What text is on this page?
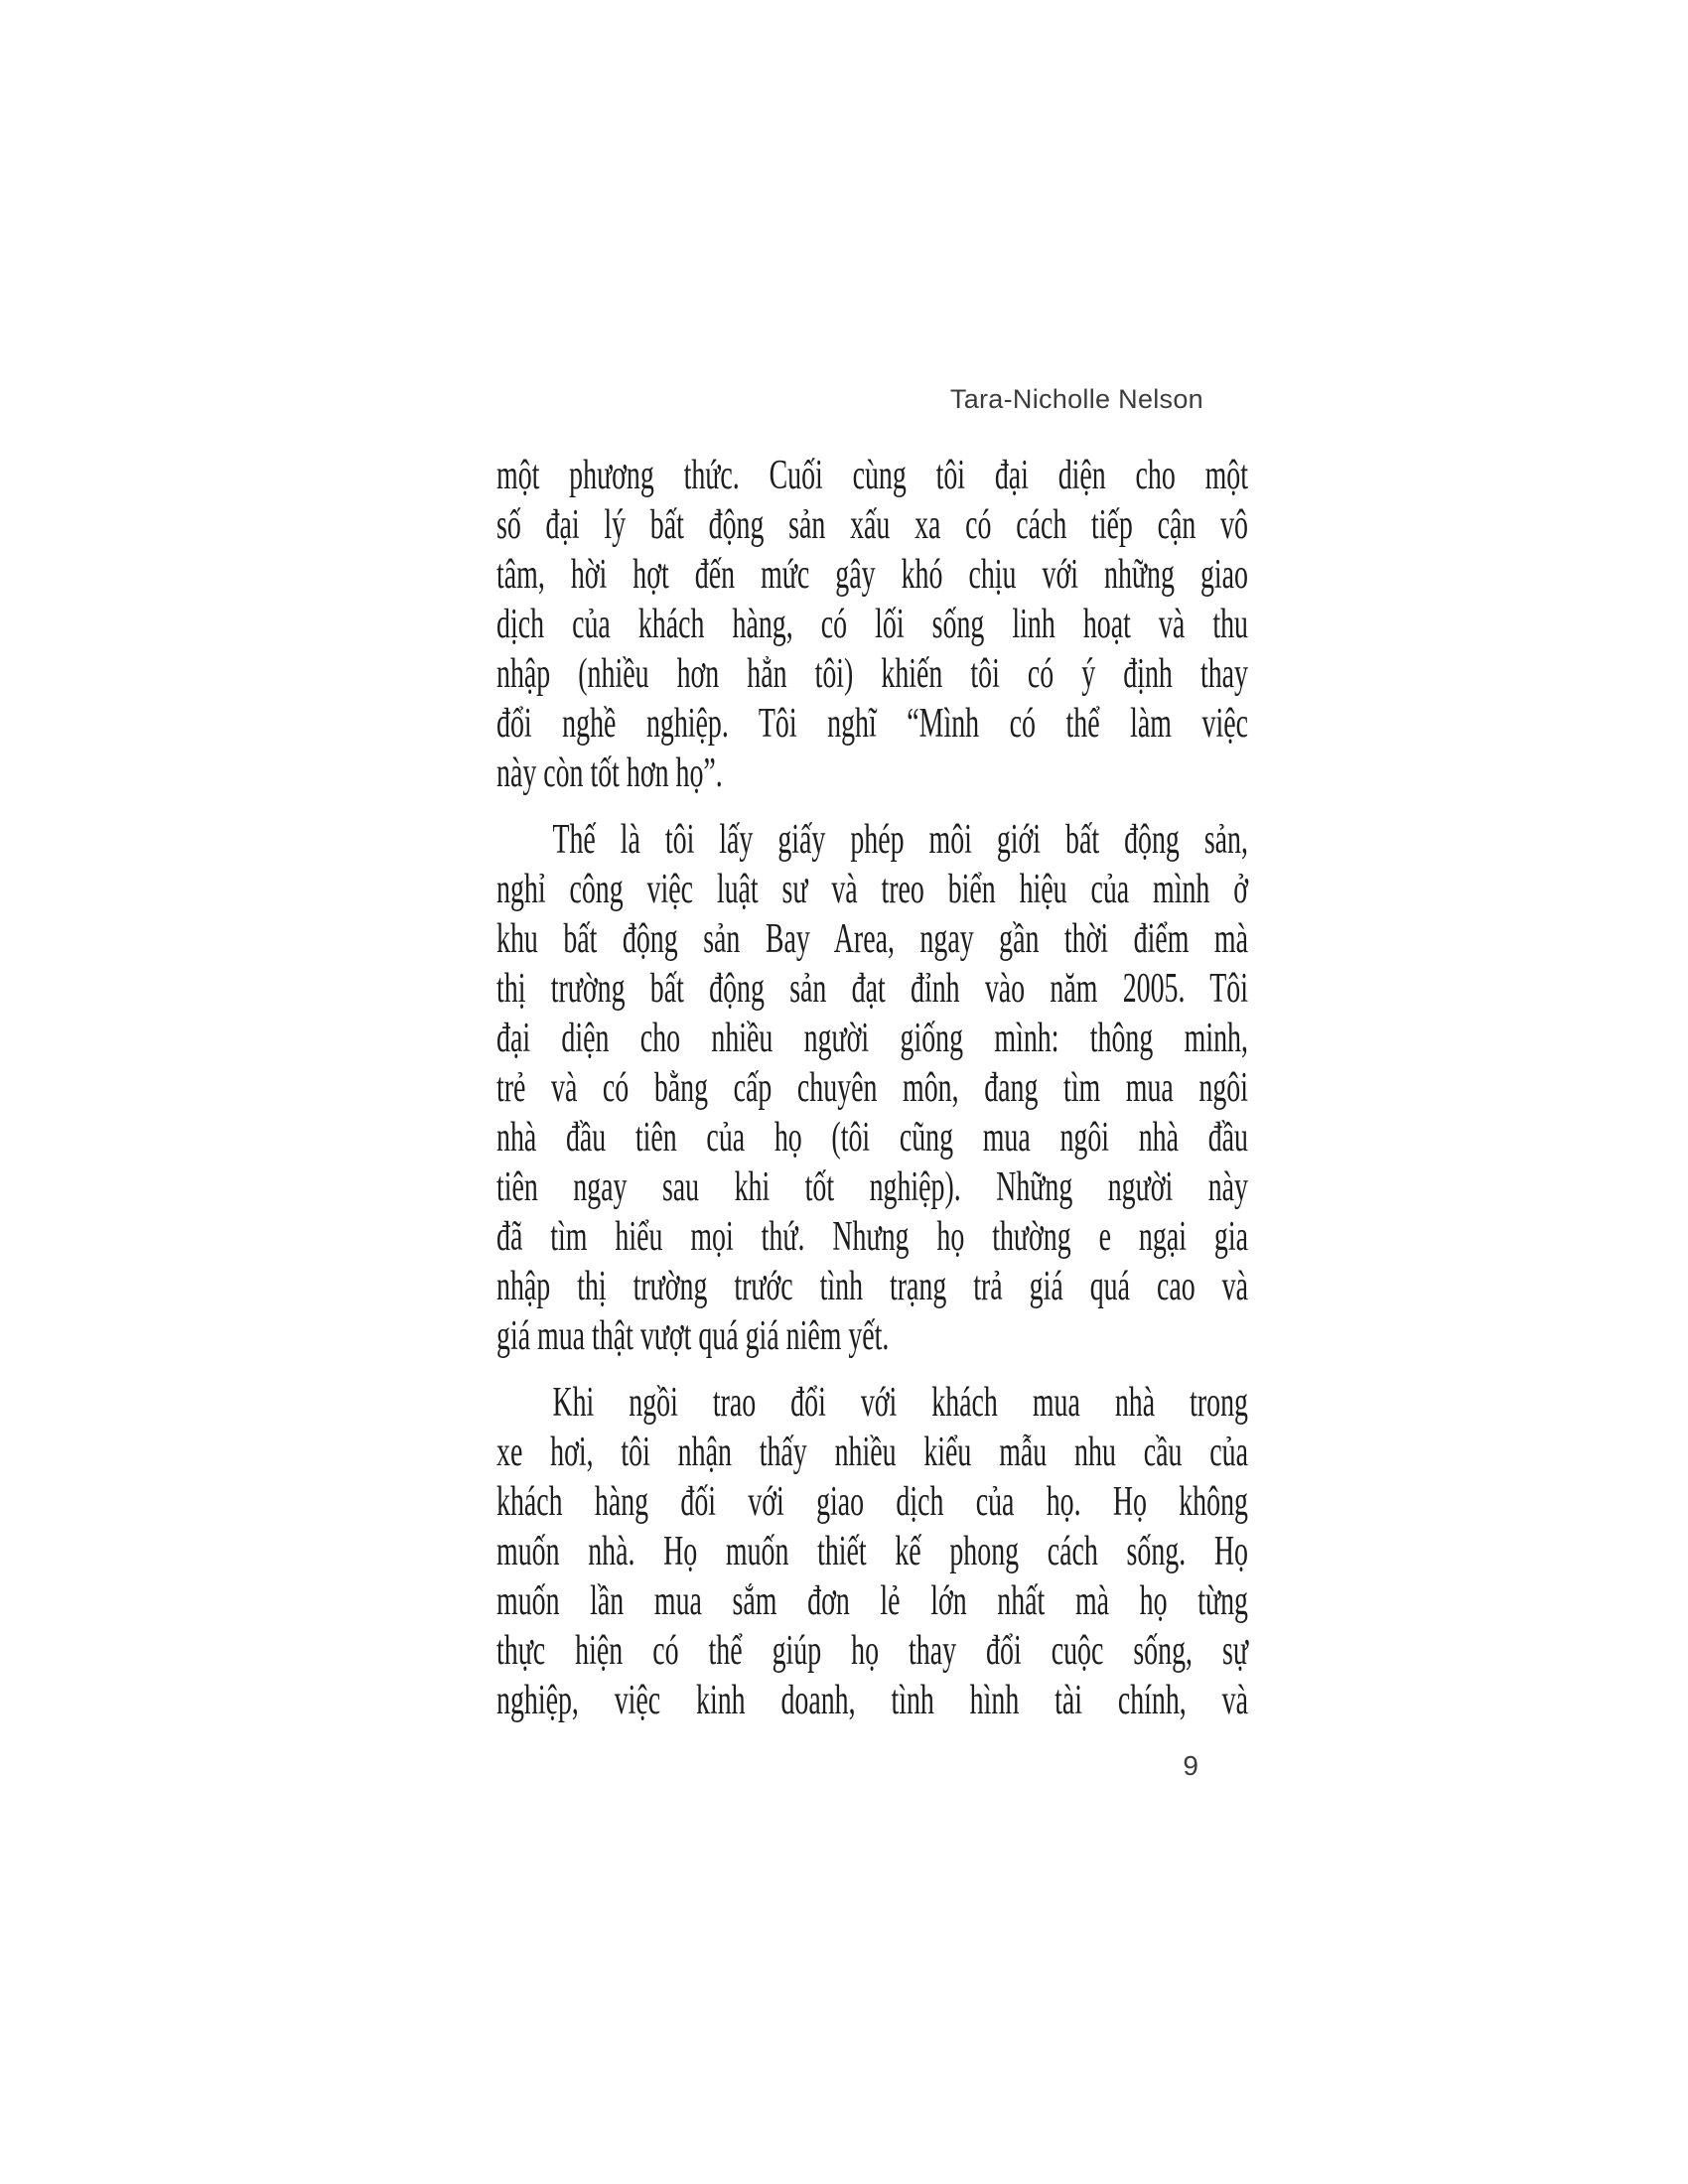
Tara-Nicholle Nelson
một phương thức. Cuối cùng tôi đại diện cho một
số đại lý bất động sản xấu xa có cách tiếp cận vô
tâm, hời hợt đến mức gây khó chịu với những giao
dịch của khách hàng, có lối sống linh hoạt và thu
nhập (nhiều hơn hẳn tôi) khiến tôi có ý định thay
đổi nghề nghiệp. Tôi nghĩ “Mình có thể làm việc
này còn tốt hơn họ”.
Thế là tôi lấy giấy phép môi giới bất động sản,
nghỉ công việc luật sư và treo biển hiệu của mình ở
khu bất động sản Bay Area, ngay gần thời điểm mà
thị trường bất động sản đạt đỉnh vào năm 2005. Tôi
đại diện cho nhiều người giống mình: thông minh,
trẻ và có bằng cấp chuyên môn, đang tìm mua ngôi
nhà đầu tiên của họ (tôi cũng mua ngôi nhà đầu
tiên ngay sau khi tốt nghiệp). Những người này
đã tìm hiểu mọi thứ. Nhưng họ thường e ngại gia
nhập thị trường trước tình trạng trả giá quá cao và
giá mua thật vượt quá giá niêm yết.
Khi ngồi trao đổi với khách mua nhà trong
xe hơi, tôi nhận thấy nhiều kiểu mẫu nhu cầu của
khách hàng đối với giao dịch của họ. Họ không
muốn nhà. Họ muốn thiết kế phong cách sống. Họ
muốn lần mua sắm đơn lẻ lớn nhất mà họ từng
thực hiện có thể giúp họ thay đổi cuộc sống, sự
nghiệp, việc kinh doanh, tình hình tài chính, và
9
